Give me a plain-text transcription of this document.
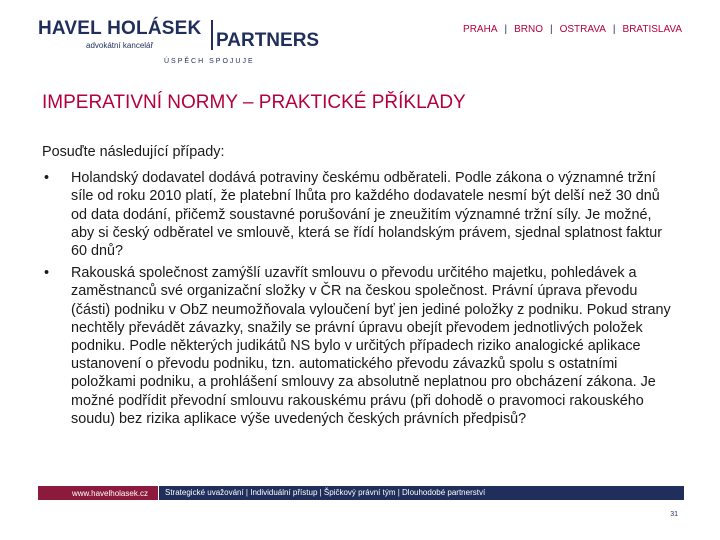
HAVEL HOLÁSEK
PARTNERS
advokátní kancelář
ÚSPĚCH SPOJUJE
PRAHA | BRNO | OSTRAVA | BRATISLAVA
IMPERATIVNÍ NORMY – PRAKTICKÉ PŘÍKLADY

Posuďte následující případy:

• Holandský dodavatel dodává potraviny českému odběrateli. Podle zákona o významné tržní síle od roku 2010 platí, že platební lhůta pro každého dodavatele nesmí být delší než 30 dnů od data dodání, přičemž soustavné porušování je zneužitím významné tržní síly. Je možné, aby si český odběratel ve smlouvě, která se řídí holandským právem, sjednal splatnost faktur 60 dnů?
• Rakouská společnost zamýšlí uzavřít smlouvu o převodu určitého majetku, pohledávek a zaměstnanců své organizační složky v ČR na českou společnost. Právní úprava převodu (části) podniku v ObZ neumožňovala vyloučení byť jen jediné položky z podniku. Pokud strany nechtěly převádět závazky, snažily se právní úpravu obejít převodem jednotlivých položek podniku. Podle některých judikátů NS bylo v určitých případech riziko analogické aplikace ustanovení o převodu podniku, tzn. automatického převodu závazků spolu s ostatními položkami podniku, a prohlášení smlouvy za absolutně neplatnou pro obcházení zákona. Je možné podřídit převodní smlouvu rakouskému právu (při dohodě o pravomoci rakouského soudu) bez rizika aplikace výše uvedených českých právních předpisů?
www.havelholasek.cz	Strategické uvažování | Individuální přístup | Špičkový právní tým | Dlouhodobé partnerství
31
